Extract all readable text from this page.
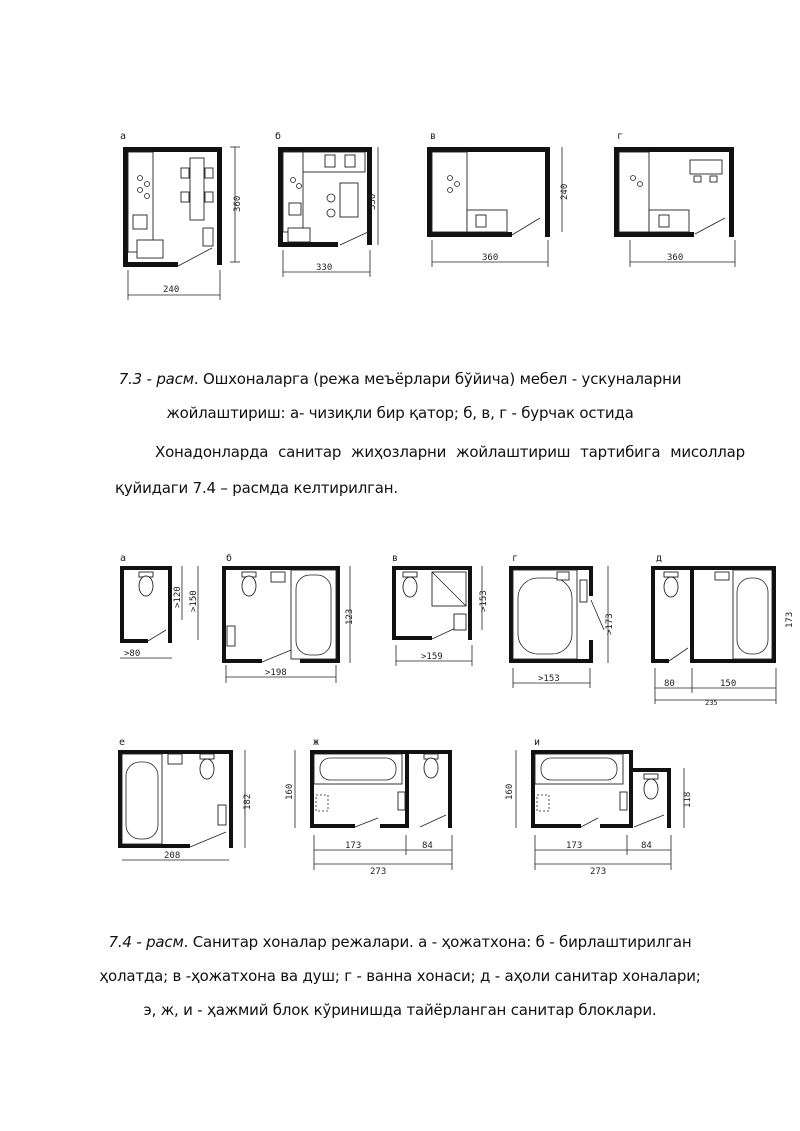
а
360
240
б
330
330
в
240
360
г
360
7.3 - расм. Ошхоналарга (режа меъёрлари бўйича) мебел - ускуналарни
жойлаштириш: а- чизиқли бир қатор; б, в, г - бурчак остида
Хонадонларда санитар жиҳозларни жойлаштириш тартибига мисоллар
қуйидаги 7.4 – расмда келтирилган.
а
>120 >150
>80
б
123
>198
в
>153
>159
г
>173
>153
д
173
80	150
235
е
182
208
ж
160
173	84
273
и
160	118
173	84
273
7.4 - расм. Санитар хоналар режалари. а - ҳожатхона: б - бирлаштирилган
ҳолатда; в -ҳожатхона ва душ; г - ванна хонаси; д - аҳоли санитар хоналари;
э, ж, и - ҳажмий блок кўринишда тайёрланган санитар блоклари.
